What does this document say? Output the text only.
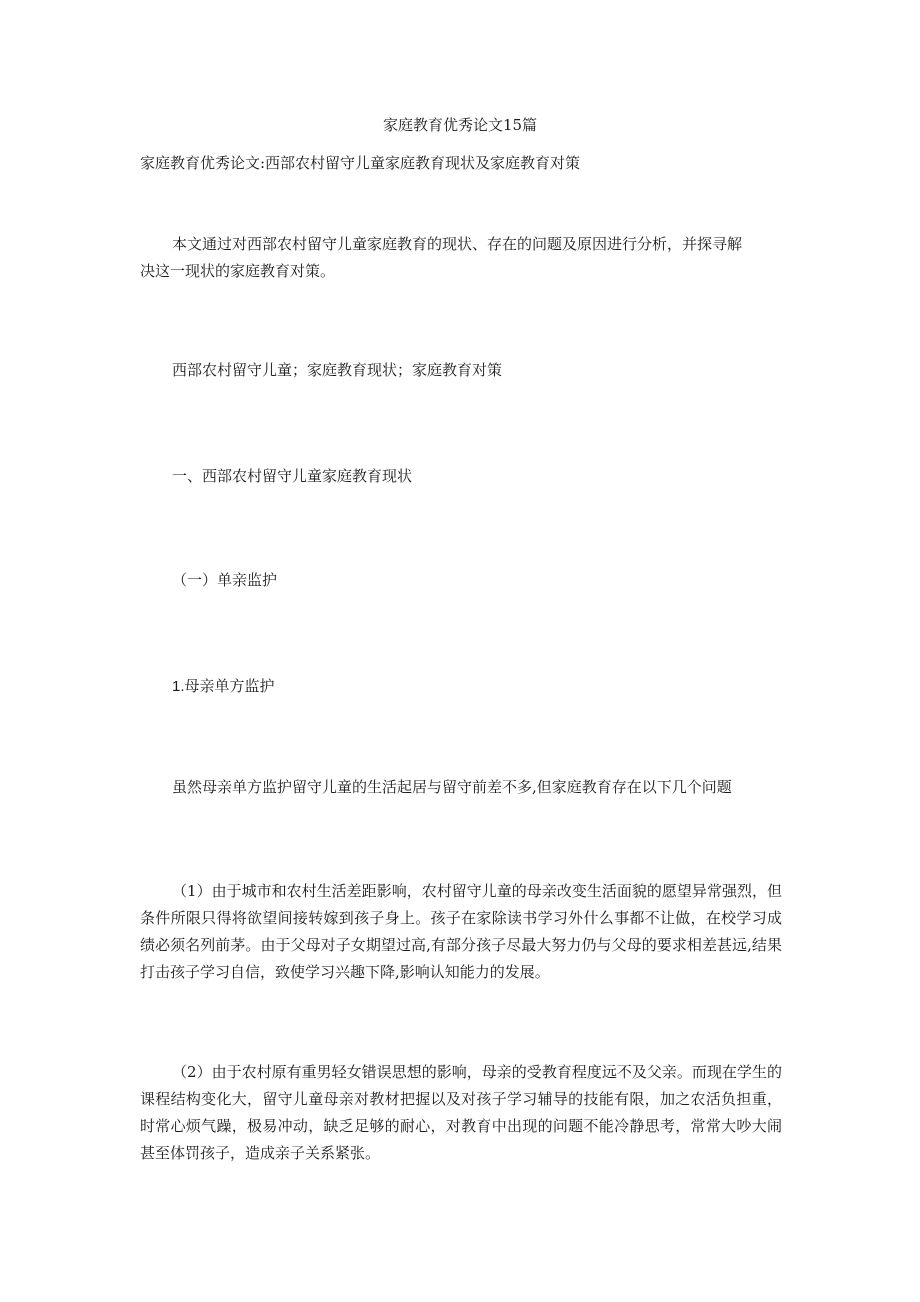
家庭教育优秀论文15篇

家庭教育优秀论文:西部农村留守儿童家庭教育现状及家庭教育对策

本文通过对西部农村留守儿童家庭教育的现状、存在的问题及原因进行分析，并探寻解

决这一现状的家庭教育对策。

西部农村留守儿童；家庭教育现状；家庭教育对策

一、西部农村留守儿童家庭教育现状

（一）单亲监护

1.母亲单方监护

虽然母亲单方监护留守儿童的生活起居与留守前差不多,但家庭教育存在以下几个问题

（1）由于城市和农村生活差距影响，农村留守儿童的母亲改变生活面貌的愿望异常强烈，但条件所限只得将欲望间接转嫁到孩子身上。孩子在家除读书学习外什么事都不让做，在校学习成绩必须名列前茅。由于父母对子女期望过高,有部分孩子尽最大努力仍与父母的要求相差甚远,结果打击孩子学习自信，致使学习兴趣下降,影响认知能力的发展。

（2）由于农村原有重男轻女错误思想的影响，母亲的受教育程度远不及父亲。而现在学生的课程结构变化大，留守儿童母亲对教材把握以及对孩子学习辅导的技能有限，加之农活负担重，时常心烦气躁，极易冲动，缺乏足够的耐心，对教育中出现的问题不能冷静思考，常常大吵大闹甚至体罚孩子，造成亲子关系紧张。
